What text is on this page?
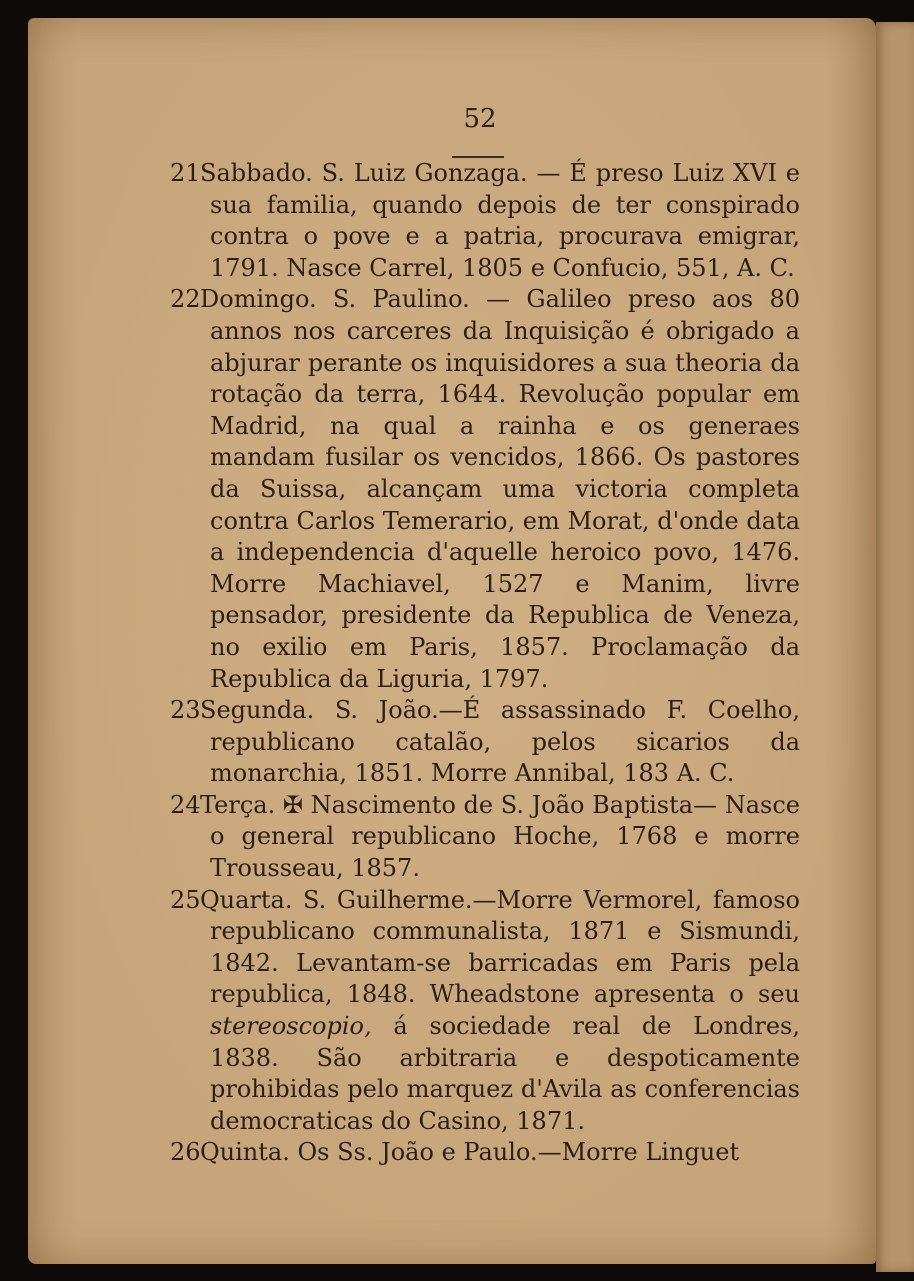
52

21Sabbado. S. Luiz Gonzaga. — É preso Luiz XVI e sua familia, quando depois de ter conspirado contra o pove e a patria, procurava emigrar, 1791. Nasce Carrel, 1805 e Confucio, 551, A. C.

22Domingo. S. Paulino. — Galileo preso aos 80 annos nos carceres da Inquisição é obrigado a abjurar perante os inquisidores a sua theoria da rotação da terra, 1644. Revolução popular em Madrid, na qual a rainha e os generaes mandam fusilar os vencidos, 1866. Os pastores da Suissa, alcançam uma victoria completa contra Carlos Temerario, em Morat, d'onde data a independencia d'aquelle heroico povo, 1476. Morre Machiavel, 1527 e Manim, livre pensador, presidente da Republica de Veneza, no exilio em Paris, 1857. Proclamação da Republica da Liguria, 1797.

23Segunda. S. João.—É assassinado F. Coelho, republicano catalão, pelos sicarios da monarchia, 1851. Morre Annibal, 183 A. C.

24Terça. ✠ Nascimento de S. João Baptista— Nasce o general republicano Hoche, 1768 e morre Trousseau, 1857.

25Quarta. S. Guilherme.—Morre Vermorel, famoso republicano communalista, 1871 e Sismundi, 1842. Levantam-se barricadas em Paris pela republica, 1848. Wheadstone apresenta o seu stereoscopio, á sociedade real de Londres, 1838. São arbitraria e despoticamente prohibidas pelo marquez d'Avila as conferencias democraticas do Casino, 1871.

26Quinta. Os Ss. João e Paulo.—Morre Linguet
